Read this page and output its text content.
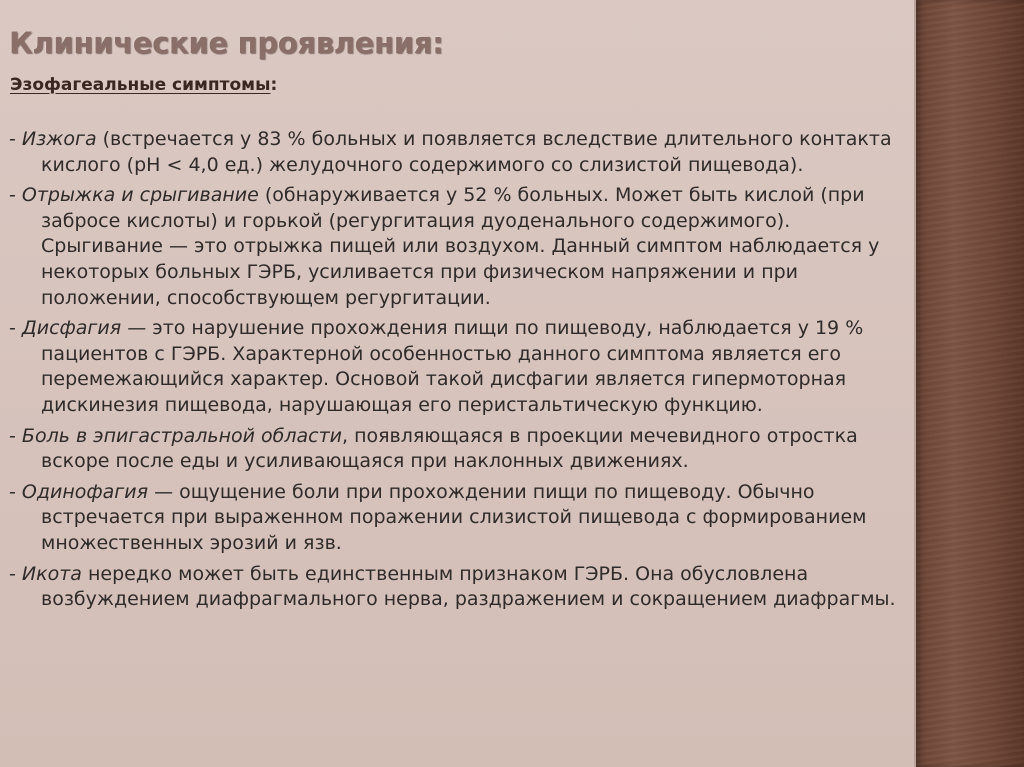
Клинические проявления:

Эзофагеальные симптомы:

- Изжога (встречается у 83 % больных и появляется вследствие длительного контакта кислого (рН < 4,0 ед.) желудочного содержимого со слизистой пищевода).
- Отрыжка и срыгивание (обнаруживается у 52 % больных. Может быть кислой (при забросе кислоты) и горькой (регургитация дуоденального содержимого). Срыгивание — это отрыжка пищей или воздухом. Данный симптом наблюдается у некоторых больных ГЭРБ, усиливается при физическом напряжении и при положении, способствующем регургитации.
- Дисфагия — это нарушение прохождения пищи по пищеводу, наблюдается у 19 % пациентов с ГЭРБ. Характерной особенностью данного симптома является его перемежающийся характер. Основой такой дисфагии является гипермоторная дискинезия пищевода, нарушающая его перистальтическую функцию.
- Боль в эпигастральной области, появляющаяся в проекции мечевидного отростка вскоре после еды и усиливающаяся при наклонных движениях.
- Одинофагия — ощущение боли при прохождении пищи по пищеводу. Обычно встречается при выраженном поражении слизистой пищевода с формированием множественных эрозий и язв.
- Икота нередко может быть единственным признаком ГЭРБ. Она обусловлена возбуждением диафрагмального нерва, раздражением и сокращением диафрагмы.
